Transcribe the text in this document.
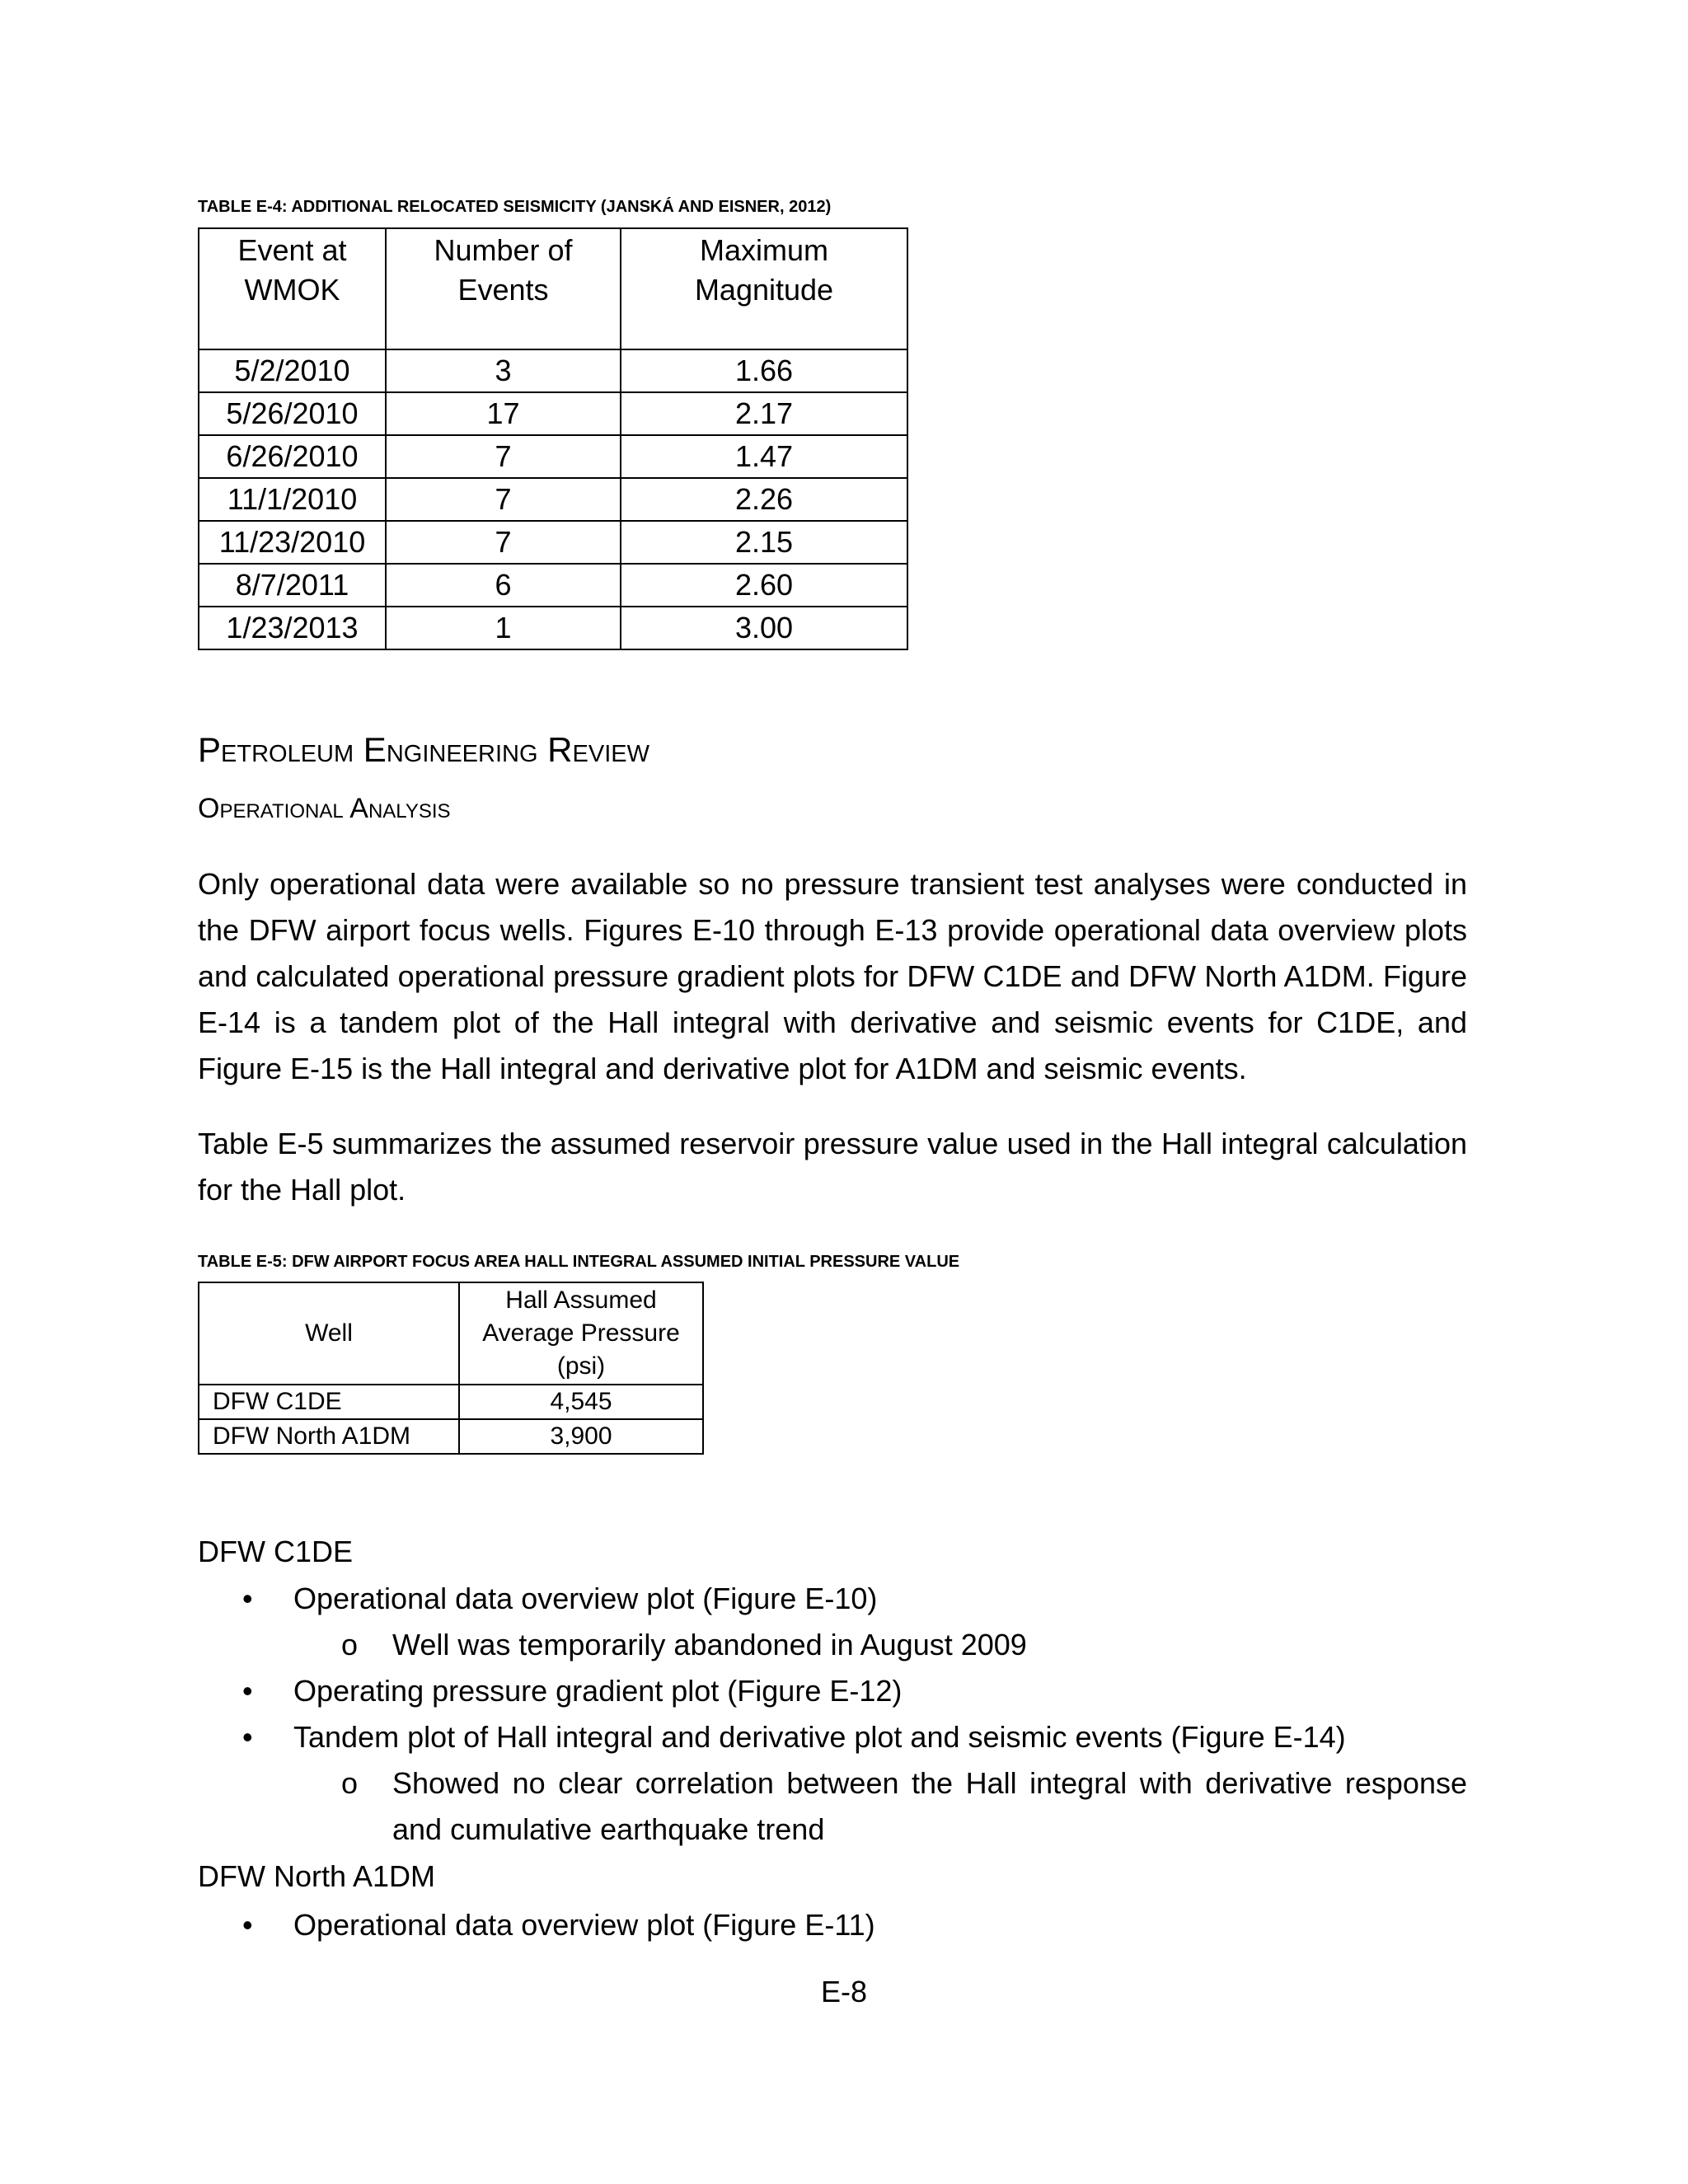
TABLE E-4: ADDITIONAL RELOCATED SEISMICITY (JANSKÁ AND EISNER, 2012)
Event at WMOK	Number of Events	Maximum Magnitude
5/2/2010	3	1.66
5/26/2010	17	2.17
6/26/2010	7	1.47
11/1/2010	7	2.26
11/23/2010	7	2.15
8/7/2011	6	2.60
1/23/2013	1	3.00
Petroleum Engineering Review
Operational Analysis

Only operational data were available so no pressure transient test analyses were conducted in the DFW airport focus wells. Figures E-10 through E-13 provide operational data overview plots and calculated operational pressure gradient plots for DFW C1DE and DFW North A1DM. Figure E-14 is a tandem plot of the Hall integral with derivative and seismic events for C1DE, and Figure E-15 is the Hall integral and derivative plot for A1DM and seismic events.

Table E-5 summarizes the assumed reservoir pressure value used in the Hall integral calculation for the Hall plot.

TABLE E-5: DFW AIRPORT FOCUS AREA HALL INTEGRAL ASSUMED INITIAL PRESSURE VALUE
Well	Hall Assumed Average Pressure (psi)
DFW C1DE	4,545
DFW North A1DM	3,900
DFW C1DE
• Operational data overview plot (Figure E-10)
o Well was temporarily abandoned in August 2009
• Operating pressure gradient plot (Figure E-12)
• Tandem plot of Hall integral and derivative plot and seismic events (Figure E-14)
o Showed no clear correlation between the Hall integral with derivative response and cumulative earthquake trend
DFW North A1DM
• Operational data overview plot (Figure E-11)
E-8
